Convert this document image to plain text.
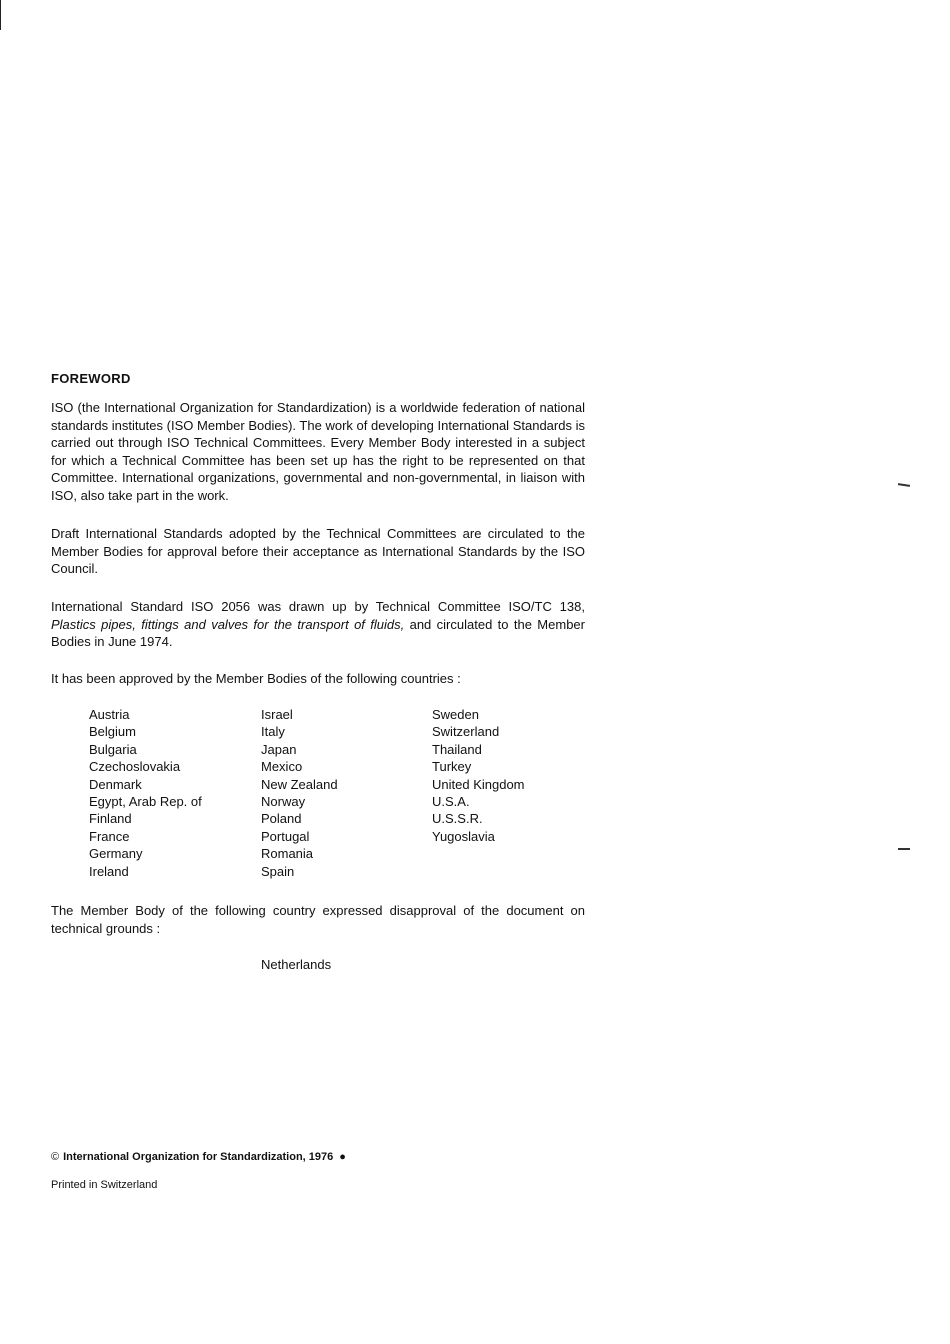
FOREWORD

ISO (the International Organization for Standardization) is a worldwide federation of national standards institutes (ISO Member Bodies). The work of developing International Standards is carried out through ISO Technical Committees. Every Member Body interested in a subject for which a Technical Committee has been set up has the right to be represented on that Committee. International organizations, governmental and non-governmental, in liaison with ISO, also take part in the work.

Draft International Standards adopted by the Technical Committees are circulated to the Member Bodies for approval before their acceptance as International Standards by the ISO Council.

International Standard ISO 2056 was drawn up by Technical Committee ISO/TC 138, Plastics pipes, fittings and valves for the transport of fluids, and circulated to the Member Bodies in June 1974.

It has been approved by the Member Bodies of the following countries :

Austria
Belgium
Bulgaria
Czechoslovakia
Denmark
Egypt, Arab Rep. of
Finland
France
Germany
Ireland
Israel
Italy
Japan
Mexico
New Zealand
Norway
Poland
Portugal
Romania
Spain
Sweden
Switzerland
Thailand
Turkey
United Kingdom
U.S.A.
U.S.S.R.
Yugoslavia

The Member Body of the following country expressed disapproval of the document on technical grounds :

Netherlands
© International Organization for Standardization, 1976 ●
Printed in Switzerland
